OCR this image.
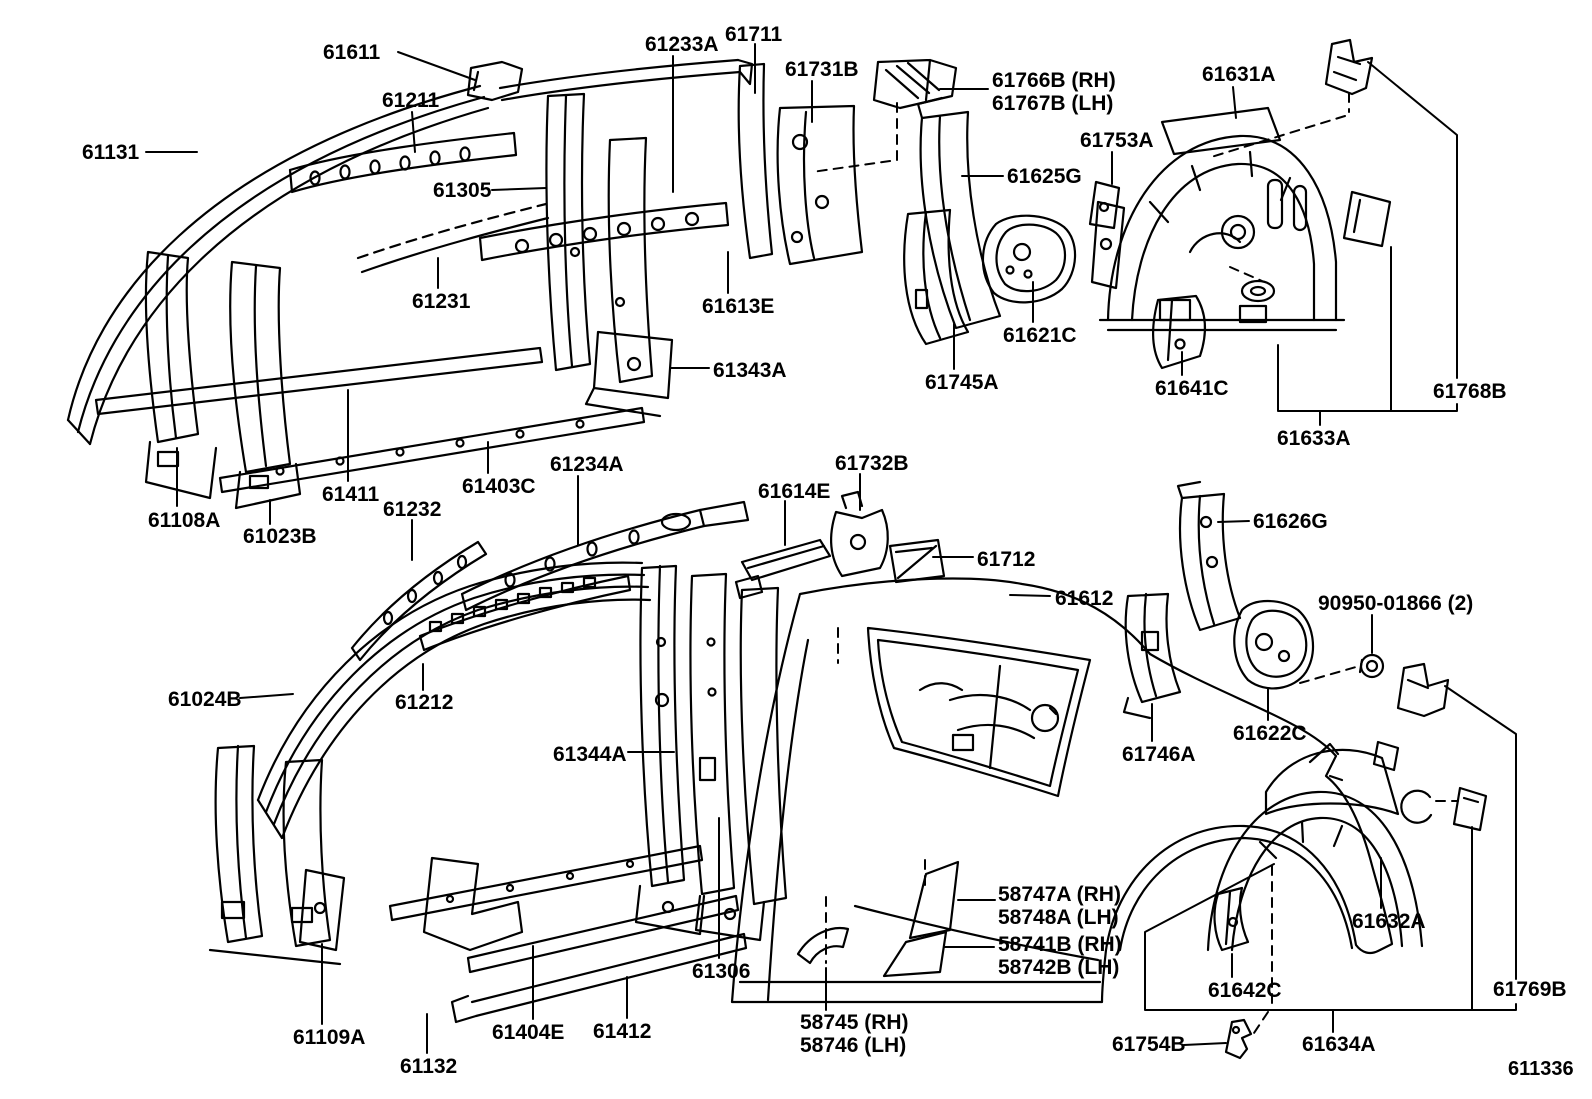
61611
61711
61233A
61731B	61766B (RH)
61767B (LH)
61631A
61211
61753A
61131
61625G
61305
61231	61613E
61621C
61343A
61745A	61641C	61768B
61633A
61234A	61732B
61403C
61411	61614E
61232
61108A
61023B
61712
61626G
61612	90950-01866 (2)
61024B	61212
61622C
61344A	61746A
58747A (RH)
58748A (LH)	61632A
58741B (RH)
58742B (LH)
61306
61642C	61769B
58745 (RH)
58746 (LH)
61404E 61412
61109A	61754B	61634A
61132	611336
